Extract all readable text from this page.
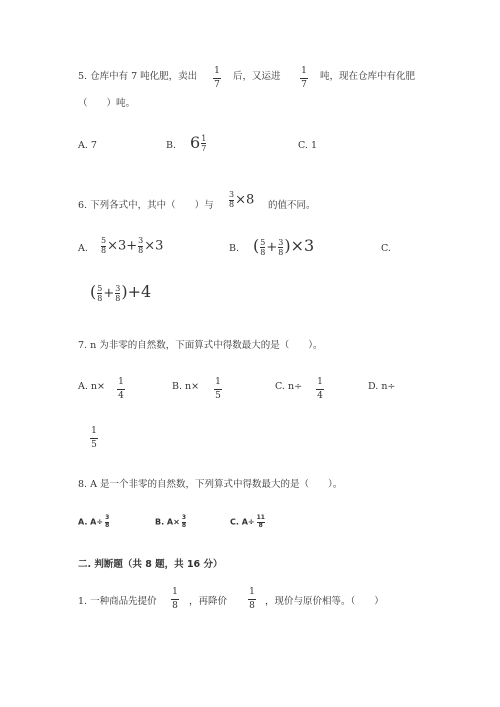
5. 仓库中有 7 吨化肥，卖出 1
7
后，又运进 1
7
吨，现在仓库中有化肥
（　　）吨。
A. 7	B. $6\frac{1}{7}$	C. 1
6. 下列各式中，其中（　　）与 $\frac{3}{8}\times 8$ 的值不同。
A. $\frac{5}{8}\times 3+\frac{3}{8}\times 3$	B. $(\frac{5}{8}+\frac{3}{8})\times 3$	C.
$(\frac{5}{8}+\frac{3}{8})+4$
7. n 为非零的自然数，下面算式中得数最大的是（　　）。
A. n× 1
4
B. n× 1
5
C. n÷ 1
4
D. n÷
1
5
8. A 是一个非零的自然数，下列算式中得数最大的是（　　）。
A. $A\div \frac{3}{8}$	B. $A\times \frac{3}{8}$	C. $A\div \frac{11}{8}$
二. 判断题（共 8 题，共 16 分）
1. 一种商品先提价
1
8 ，再降价
1
8 ，现价与原价相等。（　　）
